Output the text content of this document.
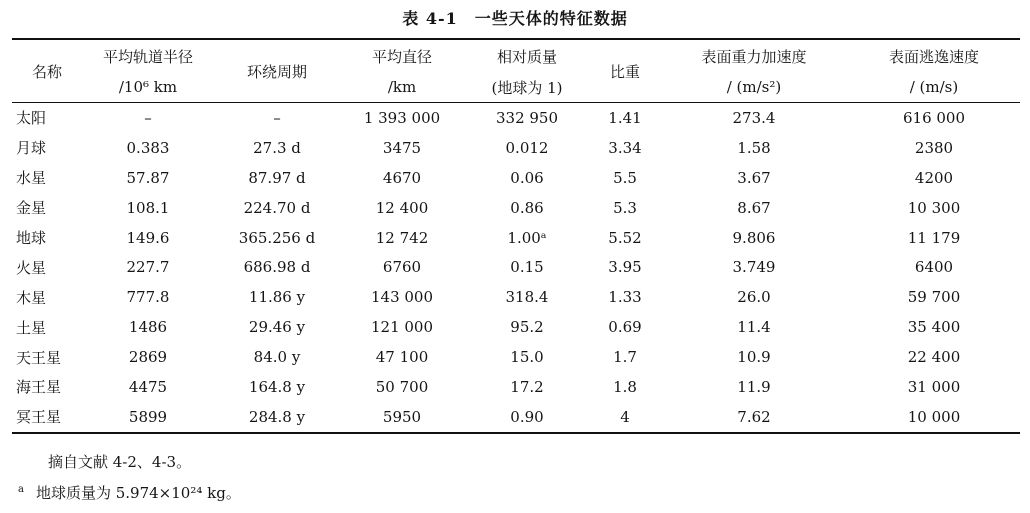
表 4-1　一些天体的特征数据
名称	平均轨道半径	环绕周期	平均直径	相对质量	比重	表面重力加速度	表面逃逸速度
	/10⁶ km		/km	(地球为 1)		/ (m/s²)	/ (m/s)
太阳	–	–	1 393 000	332 950	1.41	273.4	616 000
月球	0.383	27.3 d	3475	0.012	3.34	1.58	2380
水星	57.87	87.97 d	4670	0.06	5.5	3.67	4200
金星	108.1	224.70 d	12 400	0.86	5.3	8.67	10 300
地球	149.6	365.256 d	12 742	1.00ᵃ	5.52	9.806	11 179
火星	227.7	686.98 d	6760	0.15	3.95	3.749	6400
木星	777.8	11.86 y	143 000	318.4	1.33	26.0	59 700
土星	1486	29.46 y	121 000	95.2	0.69	11.4	35 400
天王星	2869	84.0 y	47 100	15.0	1.7	10.9	22 400
海王星	4475	164.8 y	50 700	17.2	1.8	11.9	31 000
冥王星	5899	284.8 y	5950	0.90	4	7.62	10 000
摘自文献 4-2、4-3。
$^a$ 地球质量为 5.974×10²⁴ kg。
